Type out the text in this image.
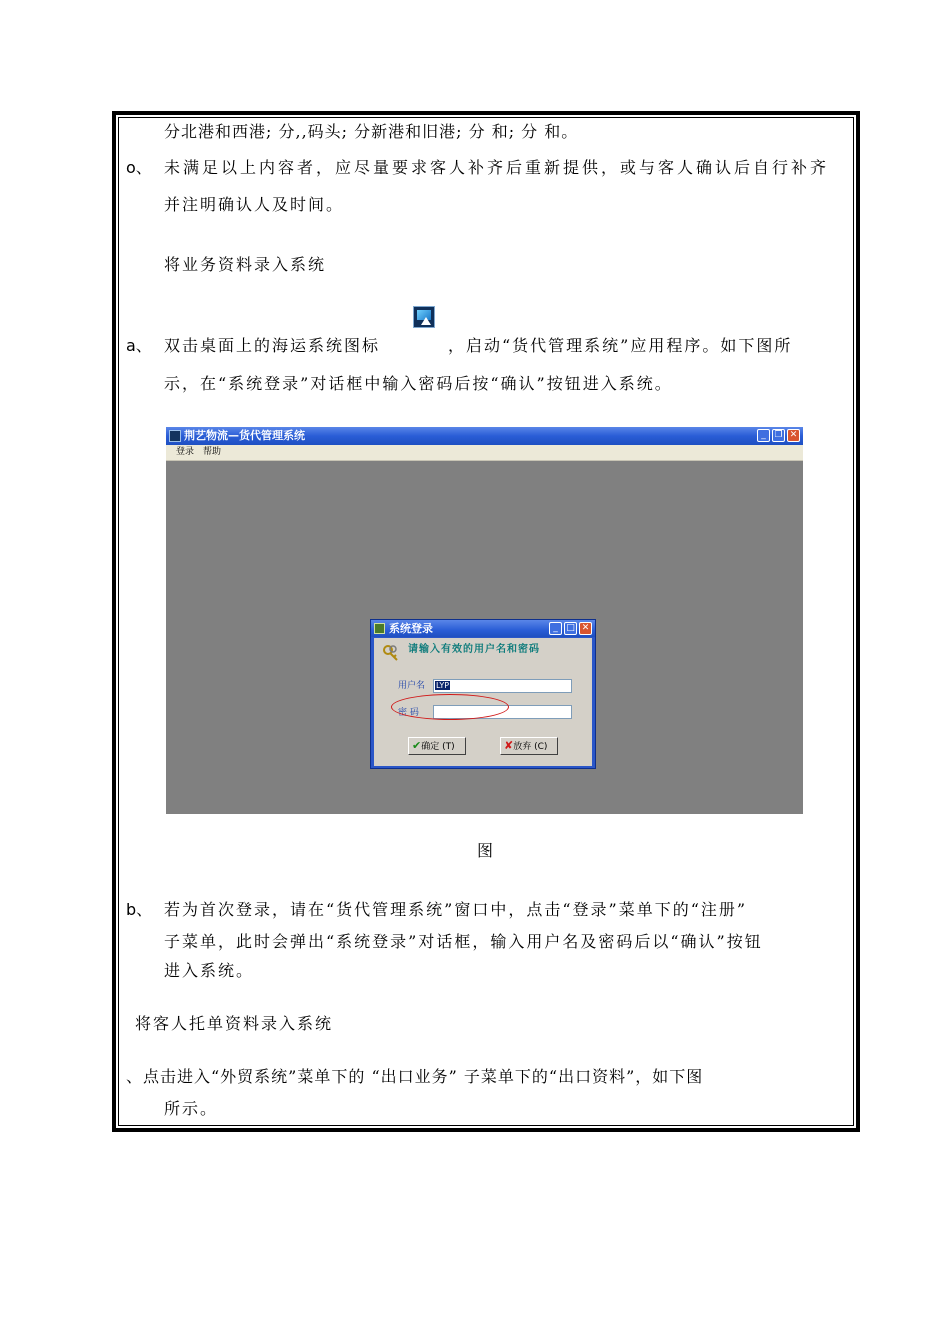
分北港和西港; 分,,码头; 分新港和旧港; 分 和; 分 和。
o、 未满足以上内容者，应尽量要求客人补齐后重新提供，或与客人确认后自行补齐
并注明确认人及时间。
将业务资料录入系统
a、 双击桌面上的海运系统图标	，启动“货代管理系统”应用程序。如下图所
示，在“系统登录”对话框中输入密码后按“确认”按钮进入系统。
荆艺物流—货代管理系统	_ ❐ ✕
登录 帮助
系统登录	_ □ ✕
请输入有效的用户名和密码
用户名	LYP
密 码
✔确定 (T)	✘放弃 (C)
图
b、 若为首次登录，请在“货代管理系统”窗口中，点击“登录”菜单下的“注册”
子菜单，此时会弹出“系统登录”对话框，输入用户名及密码后以“确认”按钮
进入系统。
将客人托单资料录入系统
、点击进入“外贸系统”菜单下的 “出口业务” 子菜单下的“出口资料”，如下图
所示。
